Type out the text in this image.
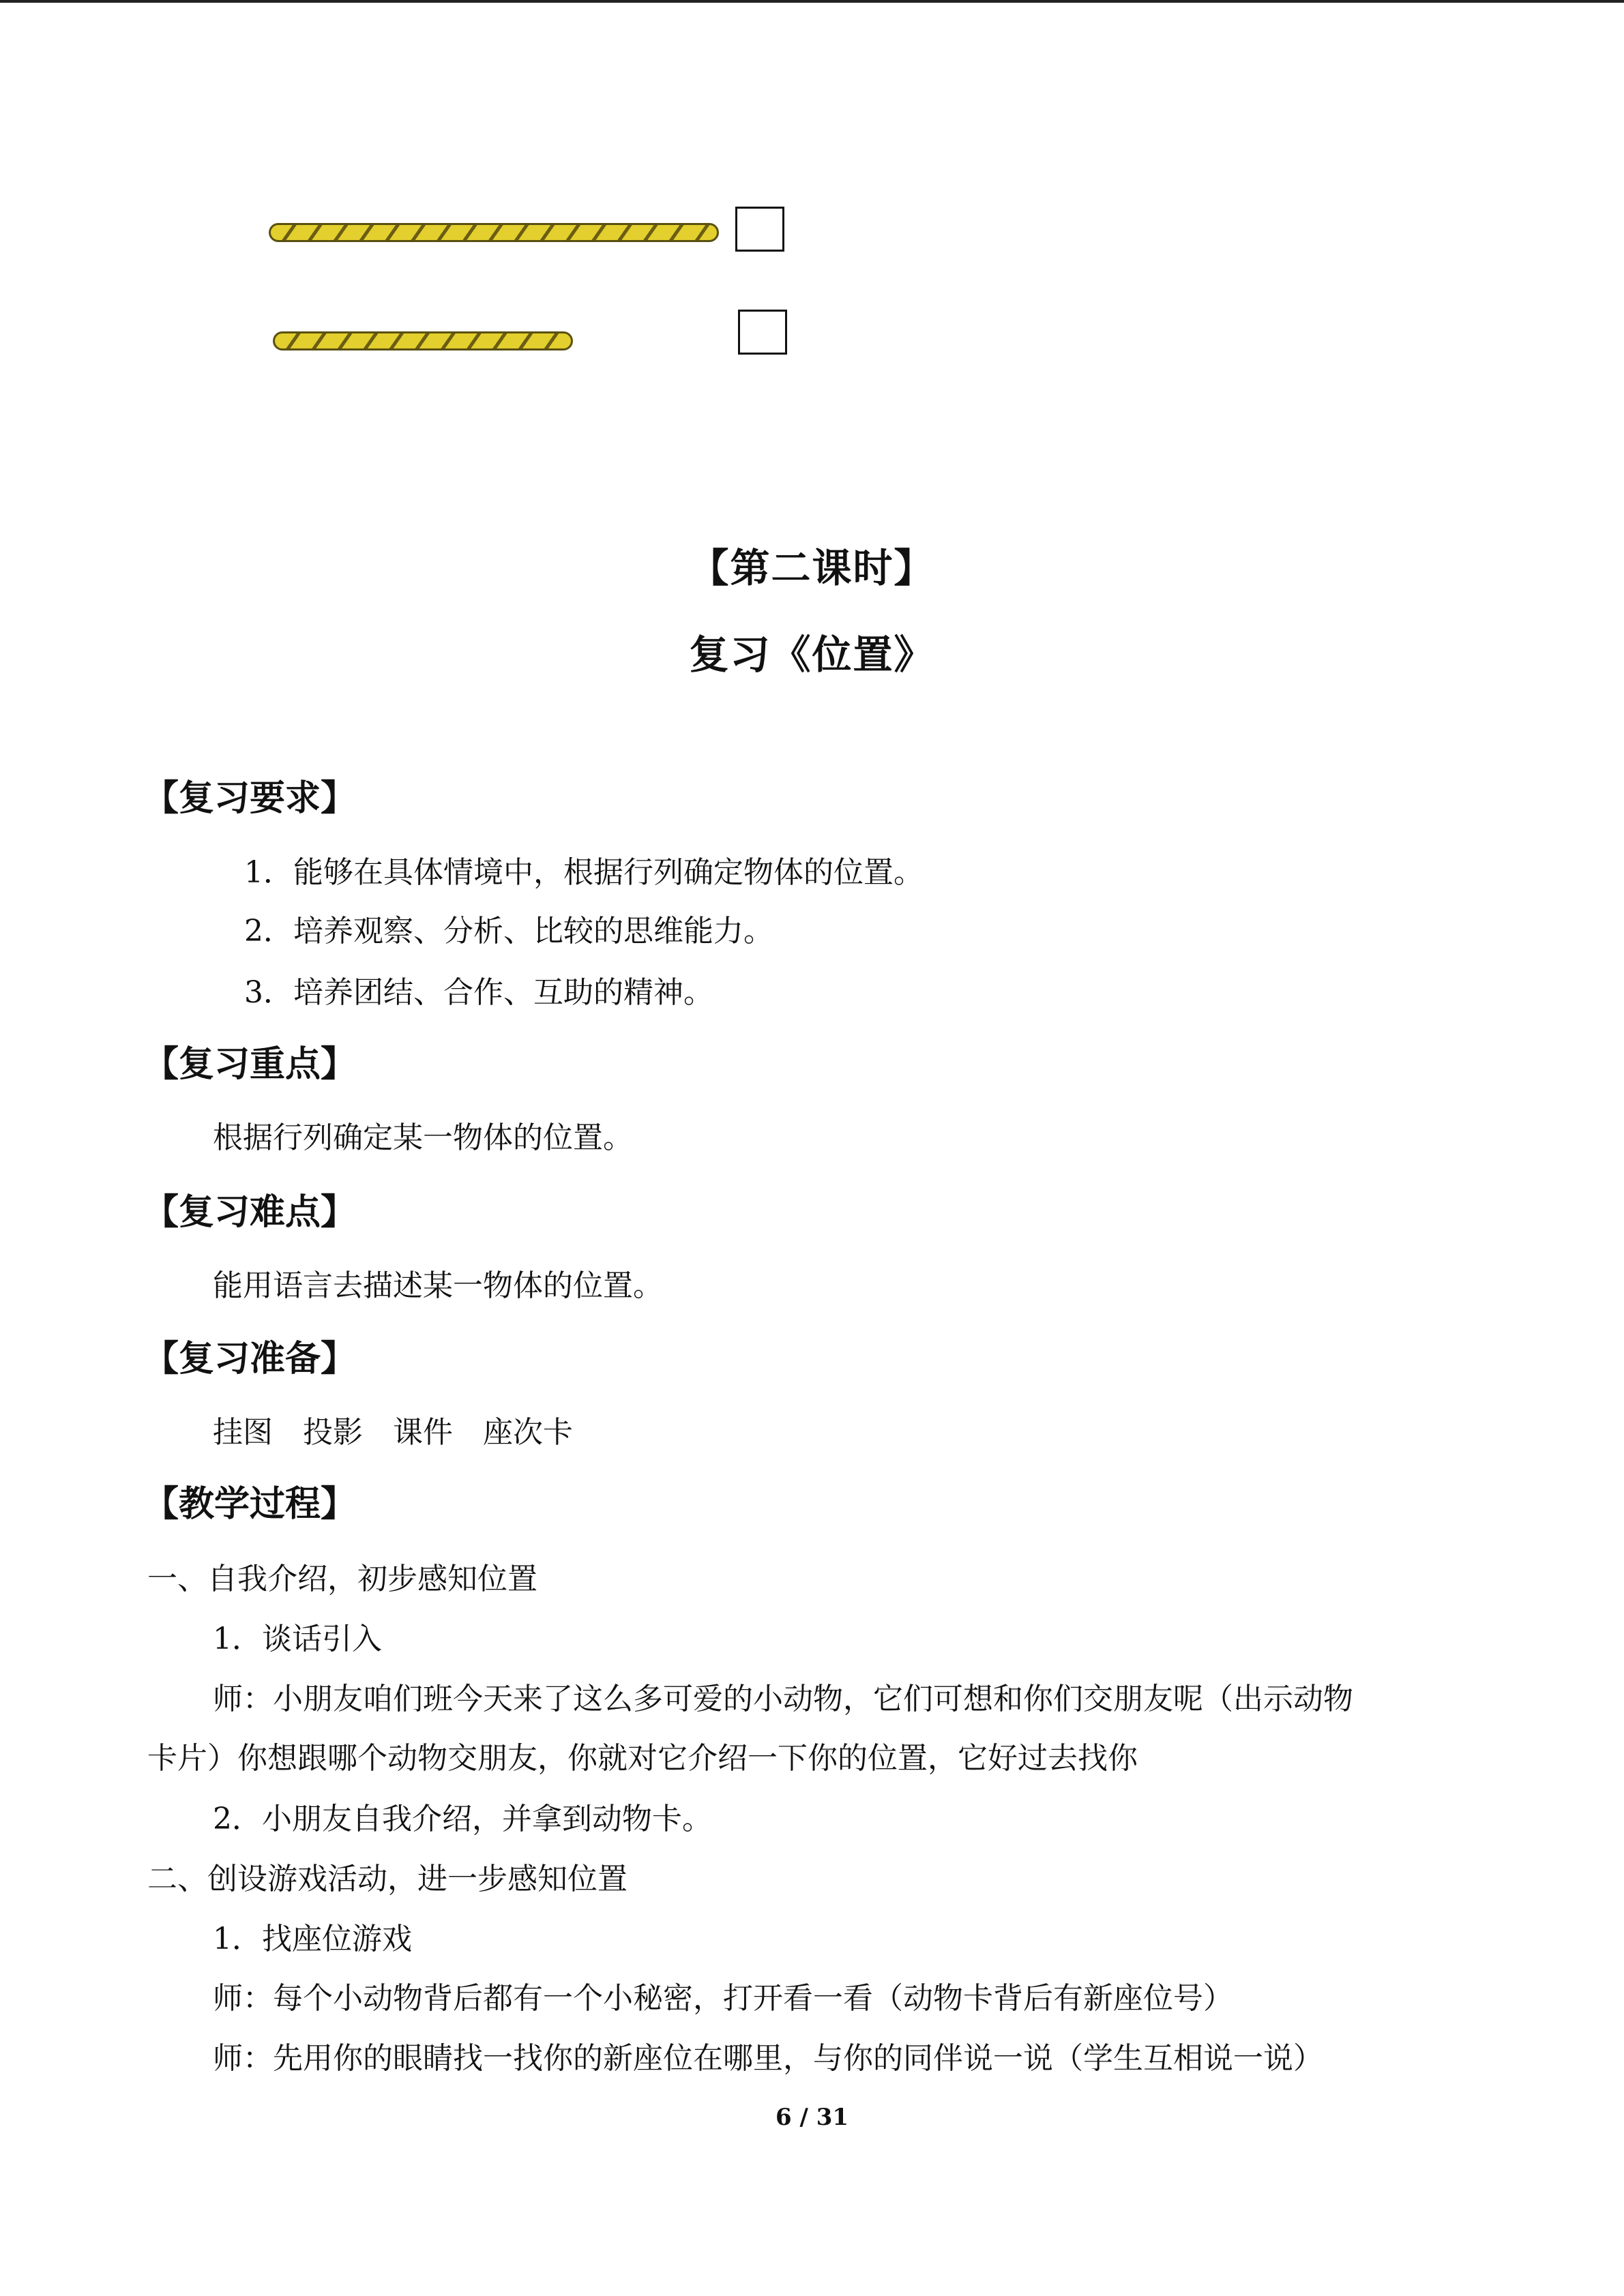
【第二课时】
复习《位置》
【复习要求】
1．能够在具体情境中，根据行列确定物体的位置。
2．培养观察、分析、比较的思维能力。
3．培养团结、合作、互助的精神。
【复习重点】
根据行列确定某一物体的位置。
【复习难点】
能用语言去描述某一物体的位置。
【复习准备】
挂图　投影　课件　座次卡
【教学过程】
一、自我介绍，初步感知位置
1．谈话引入
师：小朋友咱们班今天来了这么多可爱的小动物，它们可想和你们交朋友呢（出示动物
卡片）你想跟哪个动物交朋友，你就对它介绍一下你的位置，它好过去找你
2．小朋友自我介绍，并拿到动物卡。
二、创设游戏活动，进一步感知位置
1．找座位游戏
师：每个小动物背后都有一个小秘密，打开看一看（动物卡背后有新座位号）
师：先用你的眼睛找一找你的新座位在哪里，与你的同伴说一说（学生互相说一说）
6 / 31
